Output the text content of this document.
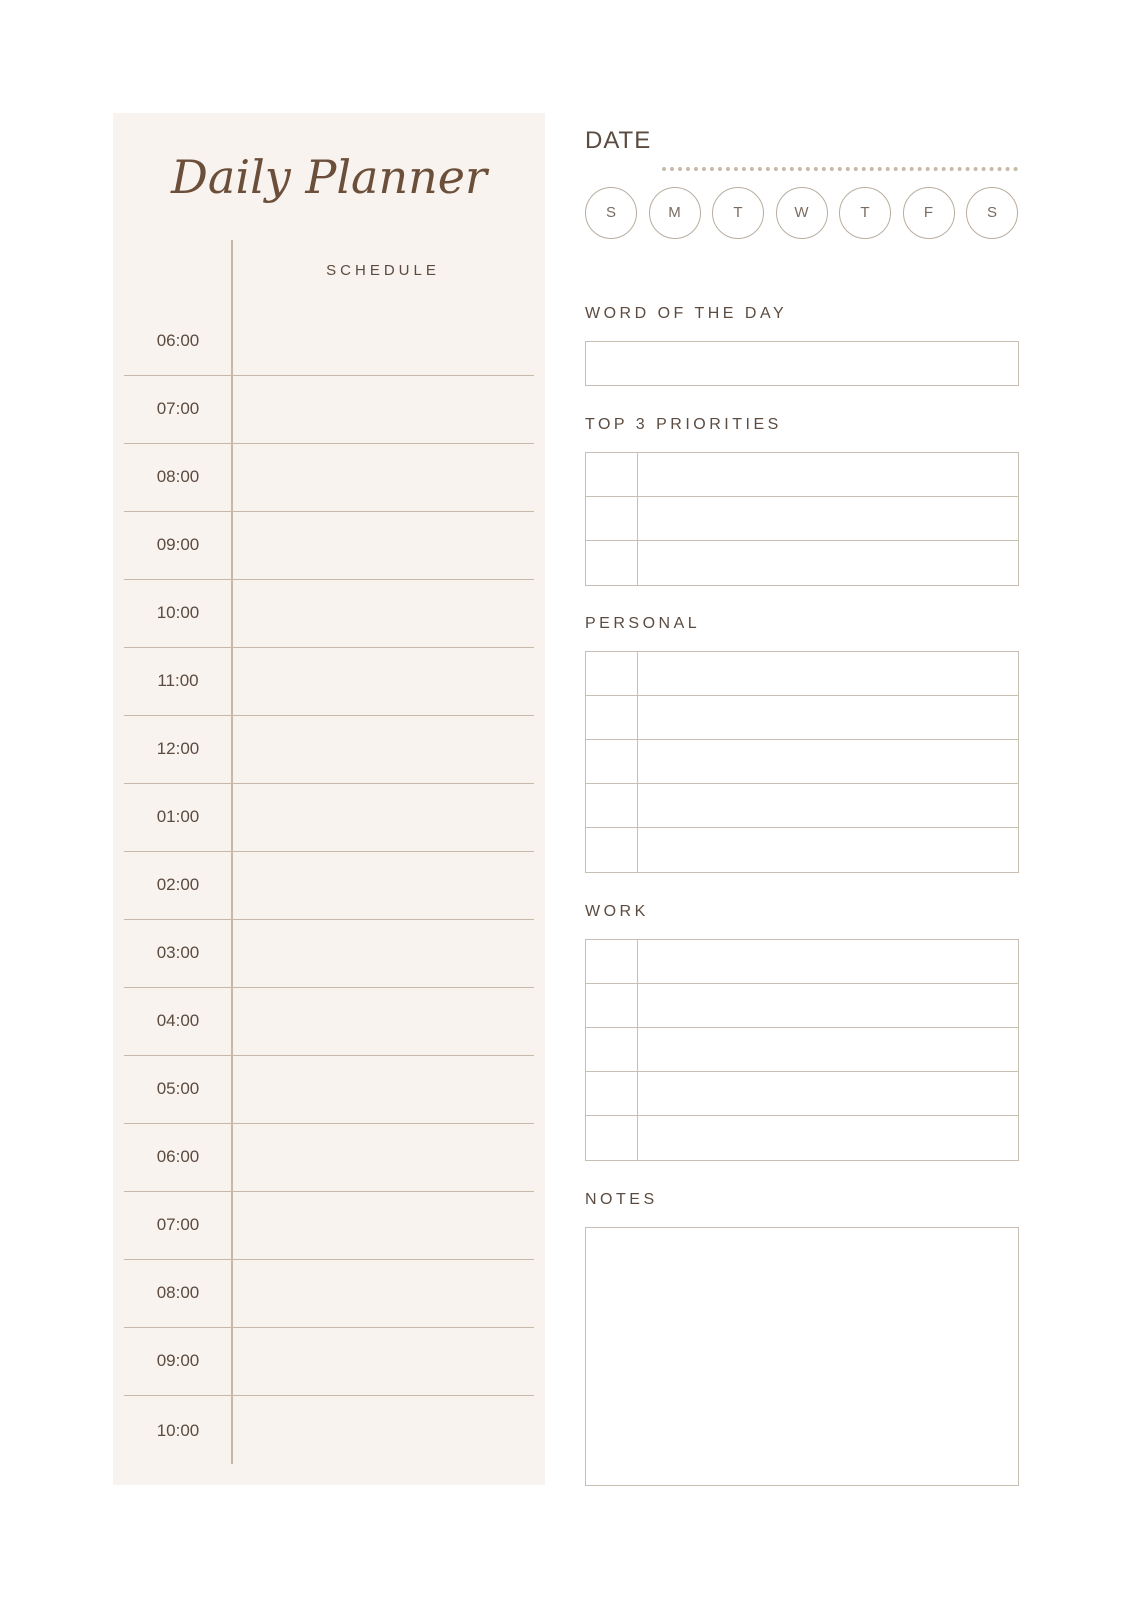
Daily Planner
SCHEDULE
06:00
07:00
08:00
09:00
10:00
11:00
12:00
01:00
02:00
03:00
04:00
05:00
06:00
07:00
08:00
09:00
10:00
DATE
S	M	T	W	T	F	S
WORD OF THE DAY
TOP 3 PRIORITIES
PERSONAL
WORK
NOTES
